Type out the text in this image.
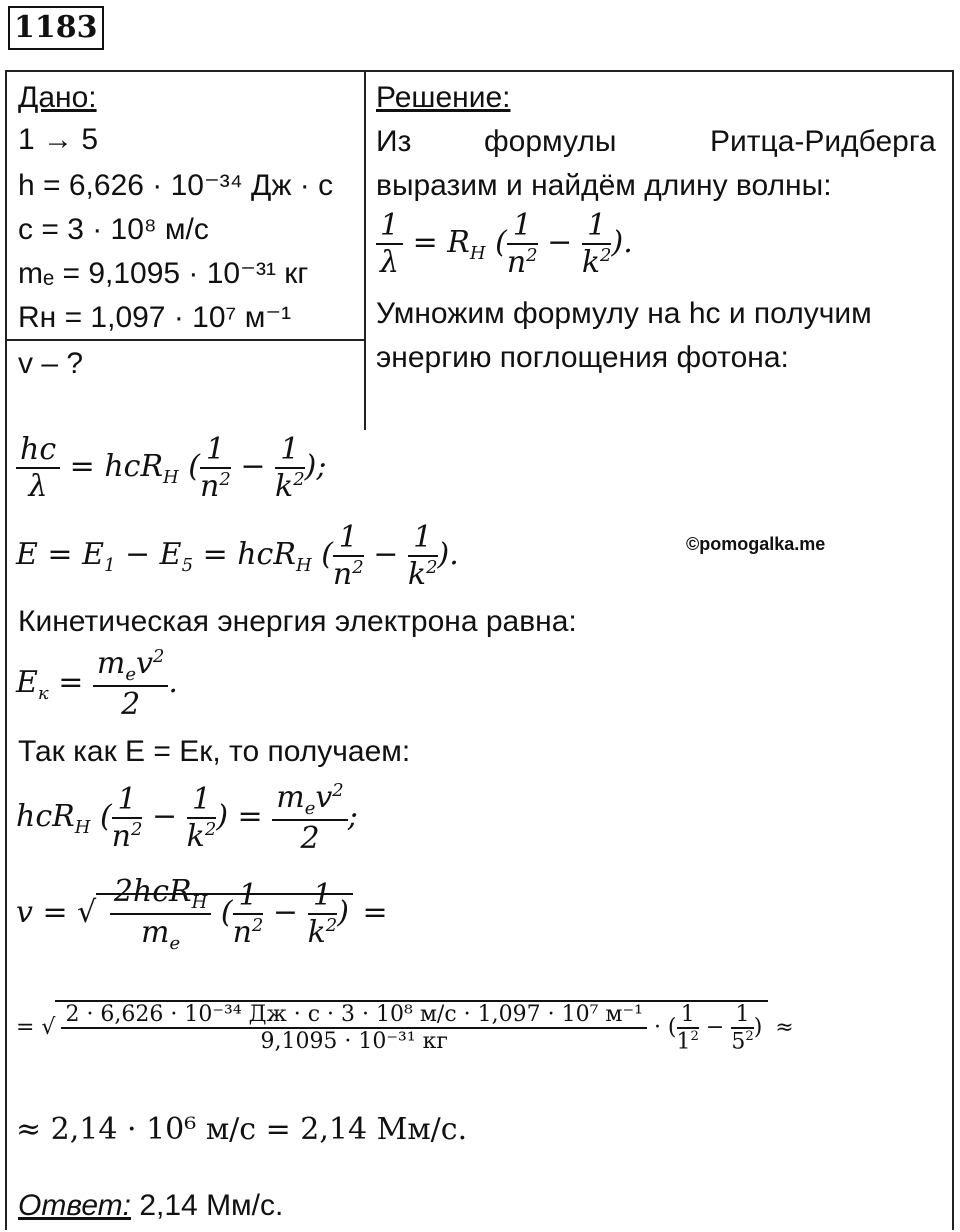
1183
Дано:
1 → 5
h = 6,626 · 10⁻³⁴ Дж · с
с = 3 · 10⁸ м/с
mₑ = 9,1095 · 10⁻³¹ кг
Rн = 1,097 · 10⁷ м⁻¹
v – ?
Решение:
Из формулы	Ритца-Ридберга
выразим и найдём длину волны:
$\frac{1}{\lambda} = R_H$ ( $\frac{1}{n^2} - \frac{1}{k^2}$ ).
Умножим формулу на hc и получим
энергию поглощения фотона:
$\frac{hc}{\lambda} = hcR_H$ ( $\frac{1}{n^2} - \frac{1}{k^2}$ );
$E = E_1 - E_5 = hcR_H$ ( $\frac{1}{n^2} - \frac{1}{k^2}$ ).	©pomogalka.me
Кинетическая энергия электрона равна:
$E_к = \frac{m_ev^2}{2}$ .
Так как E = Eк, то получаем:
hcR$_H$ ( $\frac{1}{n^2} - \frac{1}{k^2}$ ) = $\frac{m_ev^2}{2}$ ;
v = √ $\frac{2hcR_H}{m_e}$ ( $\frac{1}{n^2} - \frac{1}{k^2}$ ) =
= √ $\frac{\text{2 · 6,626 · 10⁻³⁴ Дж · с · 3 · 10⁸ м/с · 1,097 · 10⁷ м⁻¹}}{\text{9,1095 · 10⁻³¹ кг}}$ · ( $\frac{1}{1^2} - \frac{1}{5^2}$ ) ≈
≈ 2,14 · 10⁶ м/с = 2,14 Мм/с.
Ответ: 2,14 Мм/с.
